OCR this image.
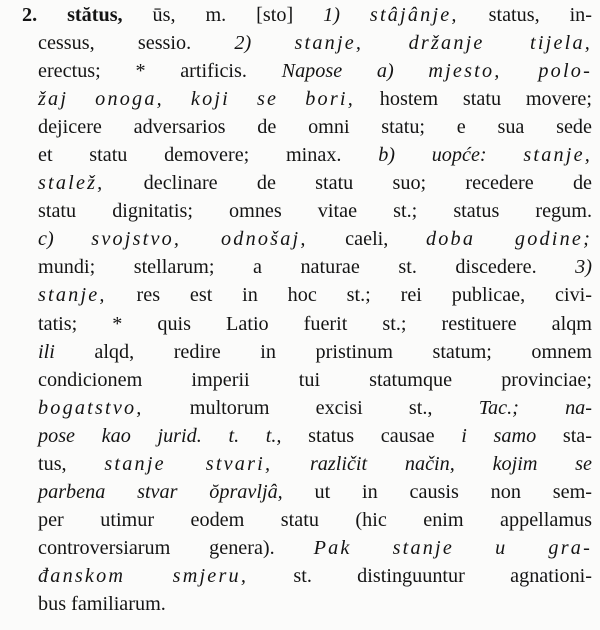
2. stătus, ūs, m. [sto] 1) stâjânje, status, in-
cessus, sessio. 2) stanje, držanje tijela,
erectus; * artificis. Napose a) mjesto, polo-
žaj onoga, koji se bori, hostem statu movere;
dejicere adversarios de omni statu; e sua sede
et statu demovere; minax. b) uopće: stanje,
stalež, declinare de statu suo; recedere de
statu dignitatis; omnes vitae st.; status regum.
c) svojstvo, odnošaj, caeli, doba godine;
mundi; stellarum; a naturae st. discedere. 3)
stanje, res est in hoc st.; rei publicae, civi-
tatis; * quis Latio fuerit st.; restituere alqm
ili alqd, redire in pristinum statum; omnem
condicionem imperii tui statumque provinciae;
bogatstvo, multorum excisi st., Tac.; na-
pose kao jurid. t. t., status causae i samo sta-
tus, stanje stvari, različit način, kojim se
parbena stvar ŏpravljâ, ut in causis non sem-
per utimur eodem statu (hic enim appellamus
controversiarum genera). Pak stanje u gra-
đanskom smjeru, st. distinguuntur agnationi-
bus familiarum.
